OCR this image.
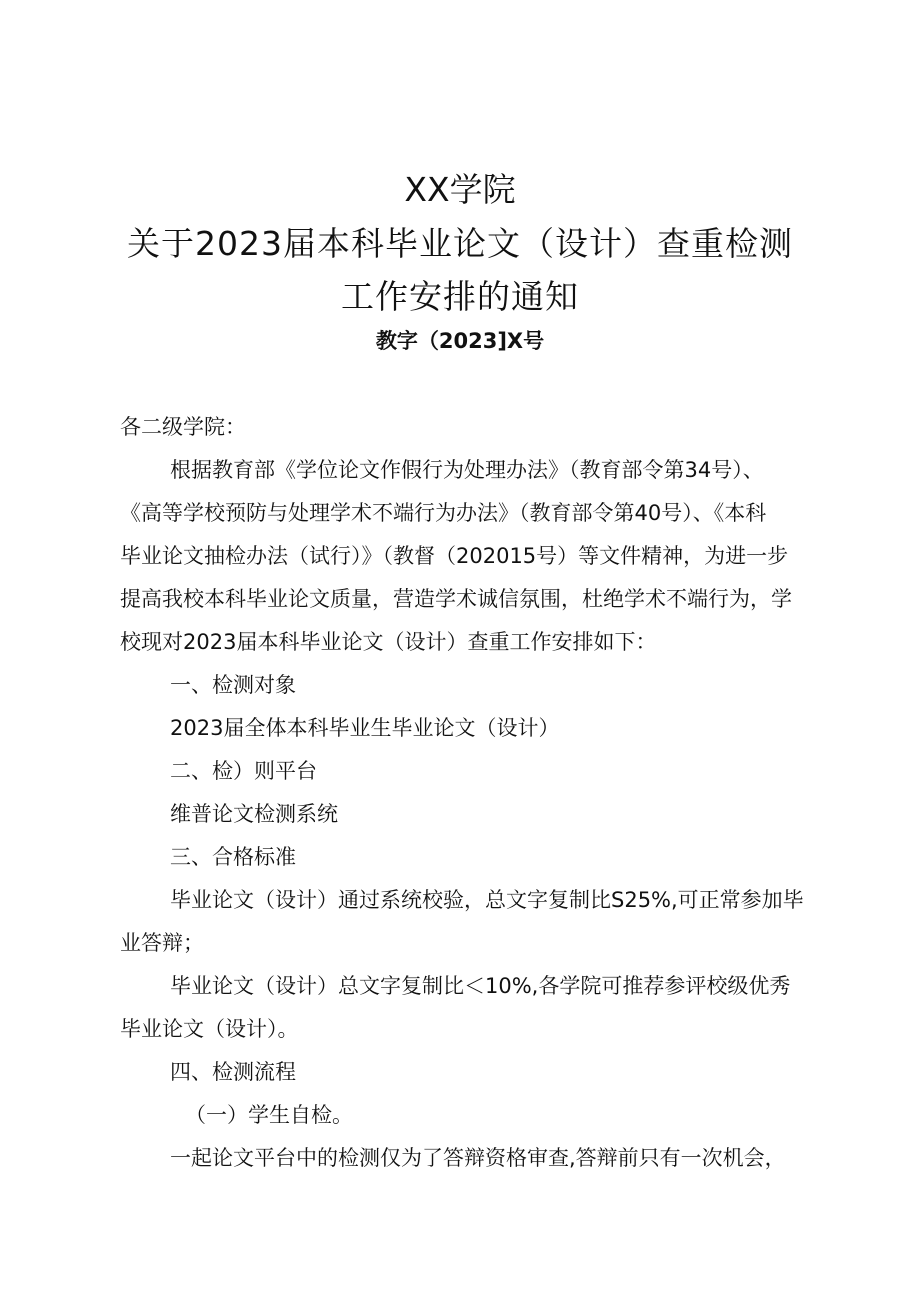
XX学院
关于2023届本科毕业论文（设计）查重检测
工作安排的通知
教字（2023]X号
各二级学院：
根据教育部《学位论文作假行为处理办法》（教育部令第34号）、
《高等学校预防与处理学术不端行为办法》（教育部令第40号）、《本科
毕业论文抽检办法（试行）》（教督（202015号）等文件精神，为进一步
提高我校本科毕业论文质量，营造学术诚信氛围，杜绝学术不端行为，学
校现对2023届本科毕业论文（设计）查重工作安排如下：
一、检测对象
2023届全体本科毕业生毕业论文（设计）
二、检）则平台
维普论文检测系统
三、合格标准
毕业论文（设计）通过系统校验，总文字复制比S25%,可正常参加毕
业答辩；
毕业论文（设计）总文字复制比＜10%,各学院可推荐参评校级优秀
毕业论文（设计）。
四、检测流程
（一）学生自检。
一起论文平台中的检测仅为了答辩资格审查,答辩前只有一次机会，
